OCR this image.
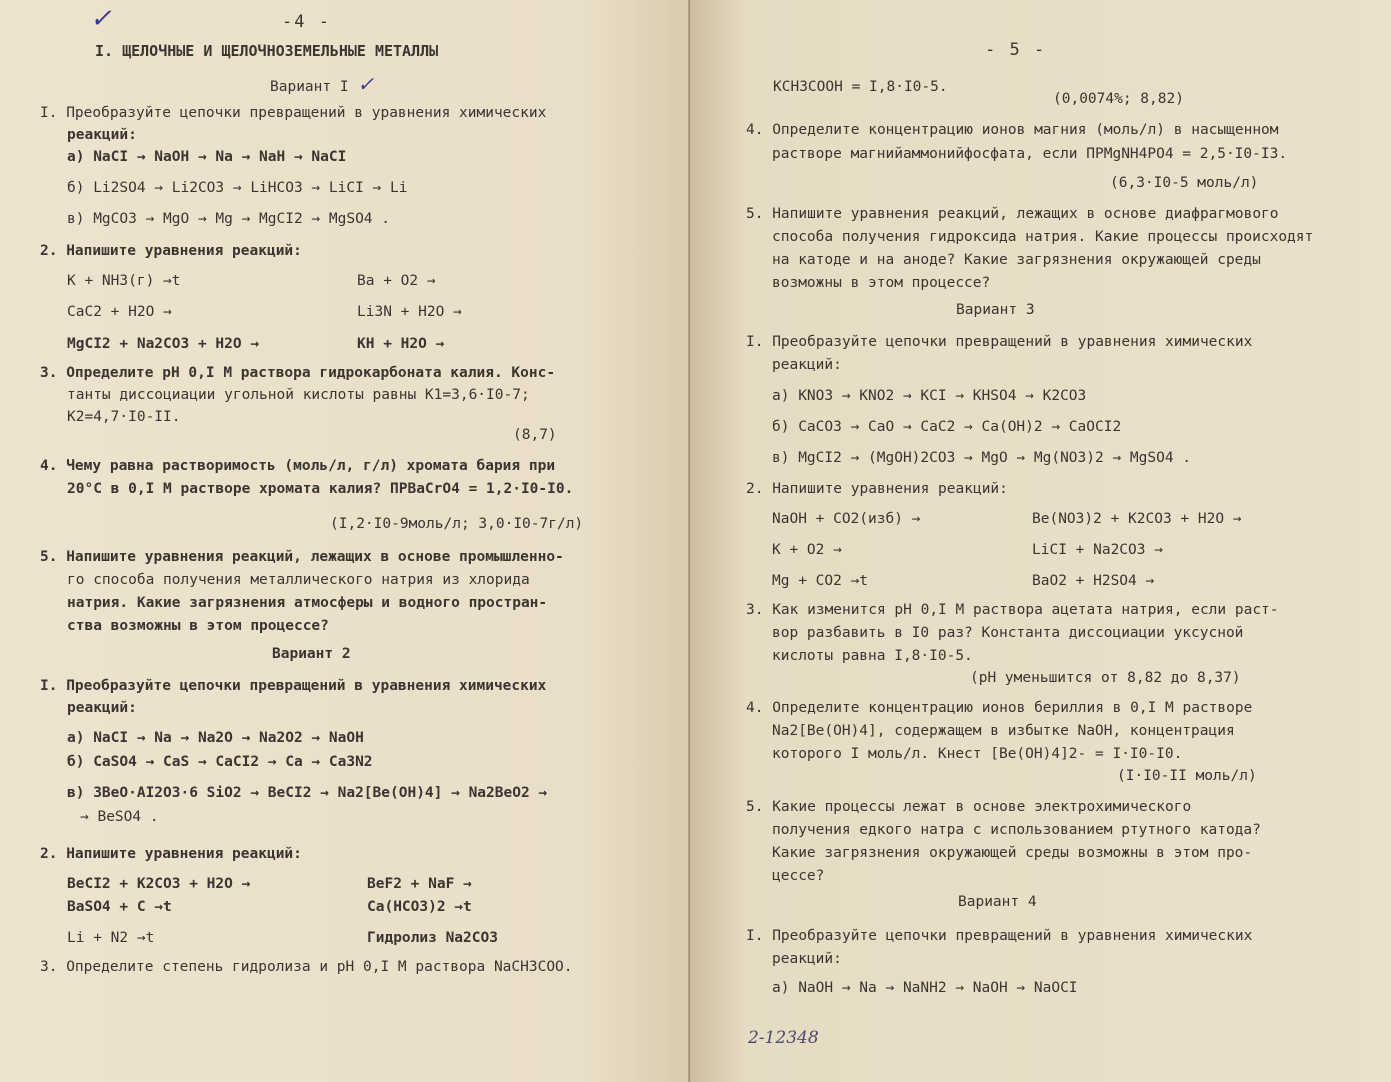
✓	-4 -
I. ЩЕЛОЧНЫЕ И ЩЕЛОЧНОЗЕМЕЛЬНЫЕ МЕТАЛЛЫ
Вариант I ✓
I. Преобразуйте цепочки превращений в уравнения химических
реакций:
а) NaCI → NaOH → Na → NaH → NaCI
б) Li2SO4 → Li2CO3 → LiHCO3 → LiCI → Li
в) MgCO3 → MgO → Mg → MgCI2 → MgSO4 .
2. Напишите уравнения реакций:
K + NH3(г) →t	Ba + O2 →
CaC2 + H2O →	Li3N + H2O →
MgCI2 + Na2CO3 + H2O →	KH + H2O →
3. Определите рН 0,I M раствора гидрокарбоната калия. Конс-
танты диссоциации угольной кислоты равны K1=3,6·I0-7;
K2=4,7·I0-II.
(8,7)
4. Чему равна растворимость (моль/л, г/л) хромата бария при
20°С в 0,I M растворе хромата калия? ПРBaCrO4 = 1,2·I0-I0.
(I,2·I0-9моль/л; 3,0·I0-7г/л)
5. Напишите уравнения реакций, лежащих в основе промышленно-
го способа получения металлического натрия из хлорида
натрия. Какие загрязнения атмосферы и водного простран-
ства возможны в этом процессе?
Вариант 2
I. Преобразуйте цепочки превращений в уравнения химических
реакций:
а) NaCI → Na → Na2O → Na2O2 → NaOH
б) CaSO4 → CaS → CaCI2 → Ca → Ca3N2
в) 3BeO·AI2O3·6 SiO2 → BeCI2 → Na2[Be(OH)4] → Na2BeO2 →
→ BeSO4 .
2. Напишите уравнения реакций:
BeCI2 + K2CO3 + H2O →	BeF2 + NaF →
BaSO4 + C →t	Ca(HCO3)2 →t
Li + N2 →t	Гидролиз Na2CO3
3. Определите степень гидролиза и рН 0,I M раствора NaCH3COO.
- 5 -
KCH3COOH = I,8·I0-5.
(0,0074%; 8,82)
4. Определите концентрацию ионов магния (моль/л) в насыщенном
растворе магнийаммонийфосфата, если ПРMgNH4PO4 = 2,5·I0-I3.
(6,3·I0-5 моль/л)
5. Напишите уравнения реакций, лежащих в основе диафрагмового
способа получения гидроксида натрия. Какие процессы происходят
на катоде и на аноде? Какие загрязнения окружающей среды
возможны в этом процессе?
Вариант 3
I. Преобразуйте цепочки превращений в уравнения химических
реакций:
а) KNO3 → KNO2 → KCI → KHSO4 → K2CO3
б) CaCO3 → CaO → CaC2 → Ca(OH)2 → CaOCI2
в) MgCI2 → (MgOH)2CO3 → MgO → Mg(NO3)2 → MgSO4 .
2. Напишите уравнения реакций:
NaOH + CO2(изб) →	Be(NO3)2 + K2CO3 + H2O →
K + O2 →	LiCI + Na2CO3 →
Mg + CO2 →t	BaO2 + H2SO4 →
3. Как изменится рН 0,I M раствора ацетата натрия, если раст-
вор разбавить в I0 раз? Константа диссоциации уксусной
кислоты равна I,8·I0-5.
(рН уменьшится от 8,82 до 8,37)
4. Определите концентрацию ионов бериллия в 0,I M растворе
Na2[Be(OH)4], содержащем в избытке NaOH, концентрация
которого I моль/л. Kнест [Be(OH)4]2- = I·I0-I0.
(I·I0-II моль/л)
5. Какие процессы лежат в основе электрохимического
получения едкого натра с использованием ртутного катода?
Какие загрязнения окружающей среды возможны в этом про-
цессе?
Вариант 4
I. Преобразуйте цепочки превращений в уравнения химических
реакций:
а) NaOH → Na → NaNH2 → NaOH → NaOCI
2-12348
